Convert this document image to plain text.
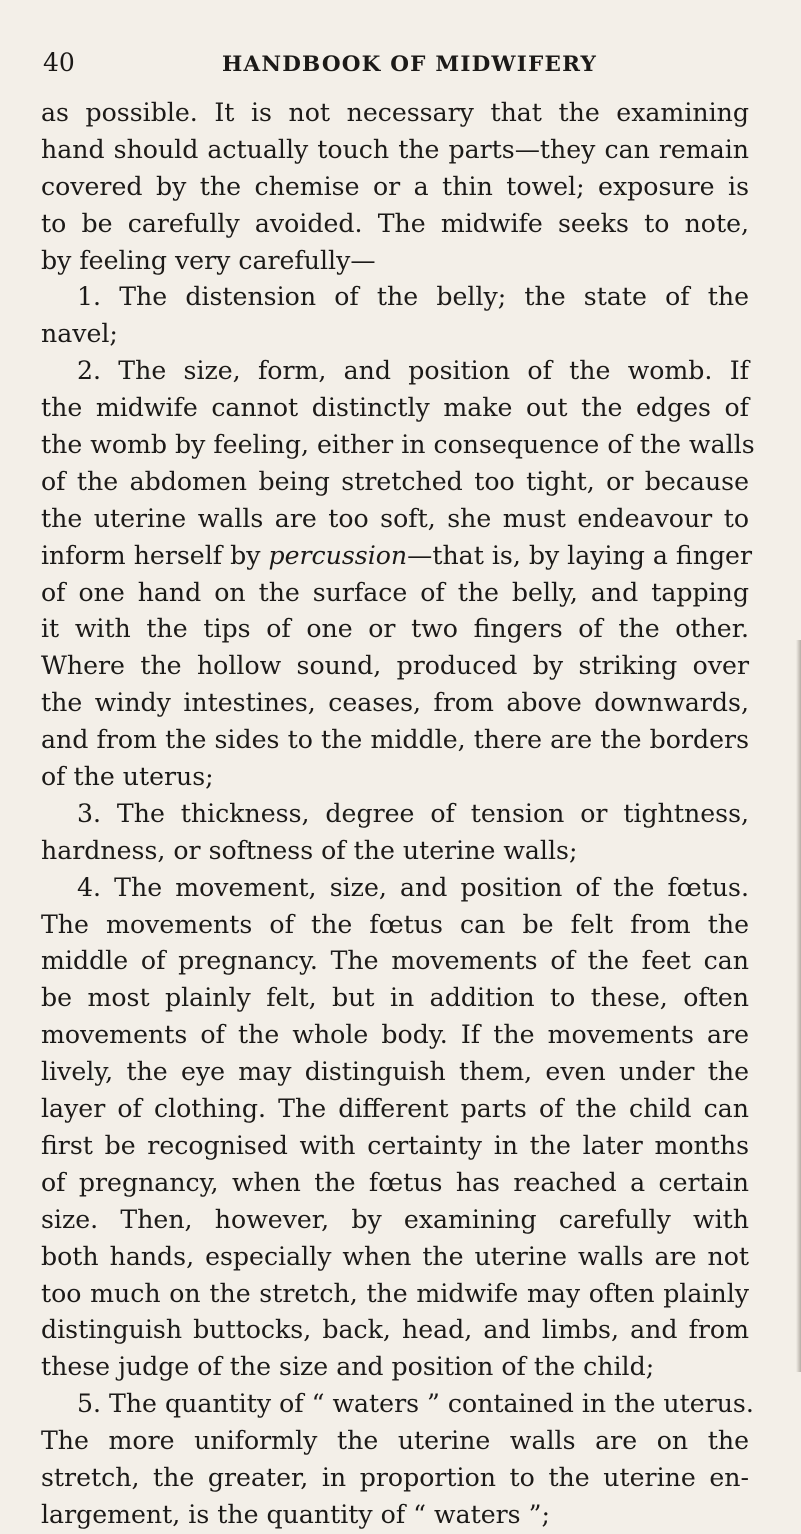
40	HANDBOOK OF MIDWIFERY
as possible. It is not necessary that the examining
hand should actually touch the parts—they can remain
covered by the chemise or a thin towel; exposure is
to be carefully avoided. The midwife seeks to note,
by feeling very carefully—
1. The distension of the belly; the state of the
navel;
2. The size, form, and position of the womb. If
the midwife cannot distinctly make out the edges of
the womb by feeling, either in consequence of the walls
of the abdomen being stretched too tight, or because
the uterine walls are too soft, she must endeavour to
inform herself by percussion—that is, by laying a finger
of one hand on the surface of the belly, and tapping
it with the tips of one or two fingers of the other.
Where the hollow sound, produced by striking over
the windy intestines, ceases, from above downwards,
and from the sides to the middle, there are the borders
of the uterus;
3. The thickness, degree of tension or tightness,
hardness, or softness of the uterine walls;
4. The movement, size, and position of the fœtus.
The movements of the fœtus can be felt from the
middle of pregnancy. The movements of the feet can
be most plainly felt, but in addition to these, often
movements of the whole body. If the movements are
lively, the eye may distinguish them, even under the
layer of clothing. The different parts of the child can
first be recognised with certainty in the later months
of pregnancy, when the fœtus has reached a certain
size. Then, however, by examining carefully with
both hands, especially when the uterine walls are not
too much on the stretch, the midwife may often plainly
distinguish buttocks, back, head, and limbs, and from
these judge of the size and position of the child;
5. The quantity of “ waters ” contained in the uterus.
The more uniformly the uterine walls are on the
stretch, the greater, in proportion to the uterine en-
largement, is the quantity of “ waters ”;
